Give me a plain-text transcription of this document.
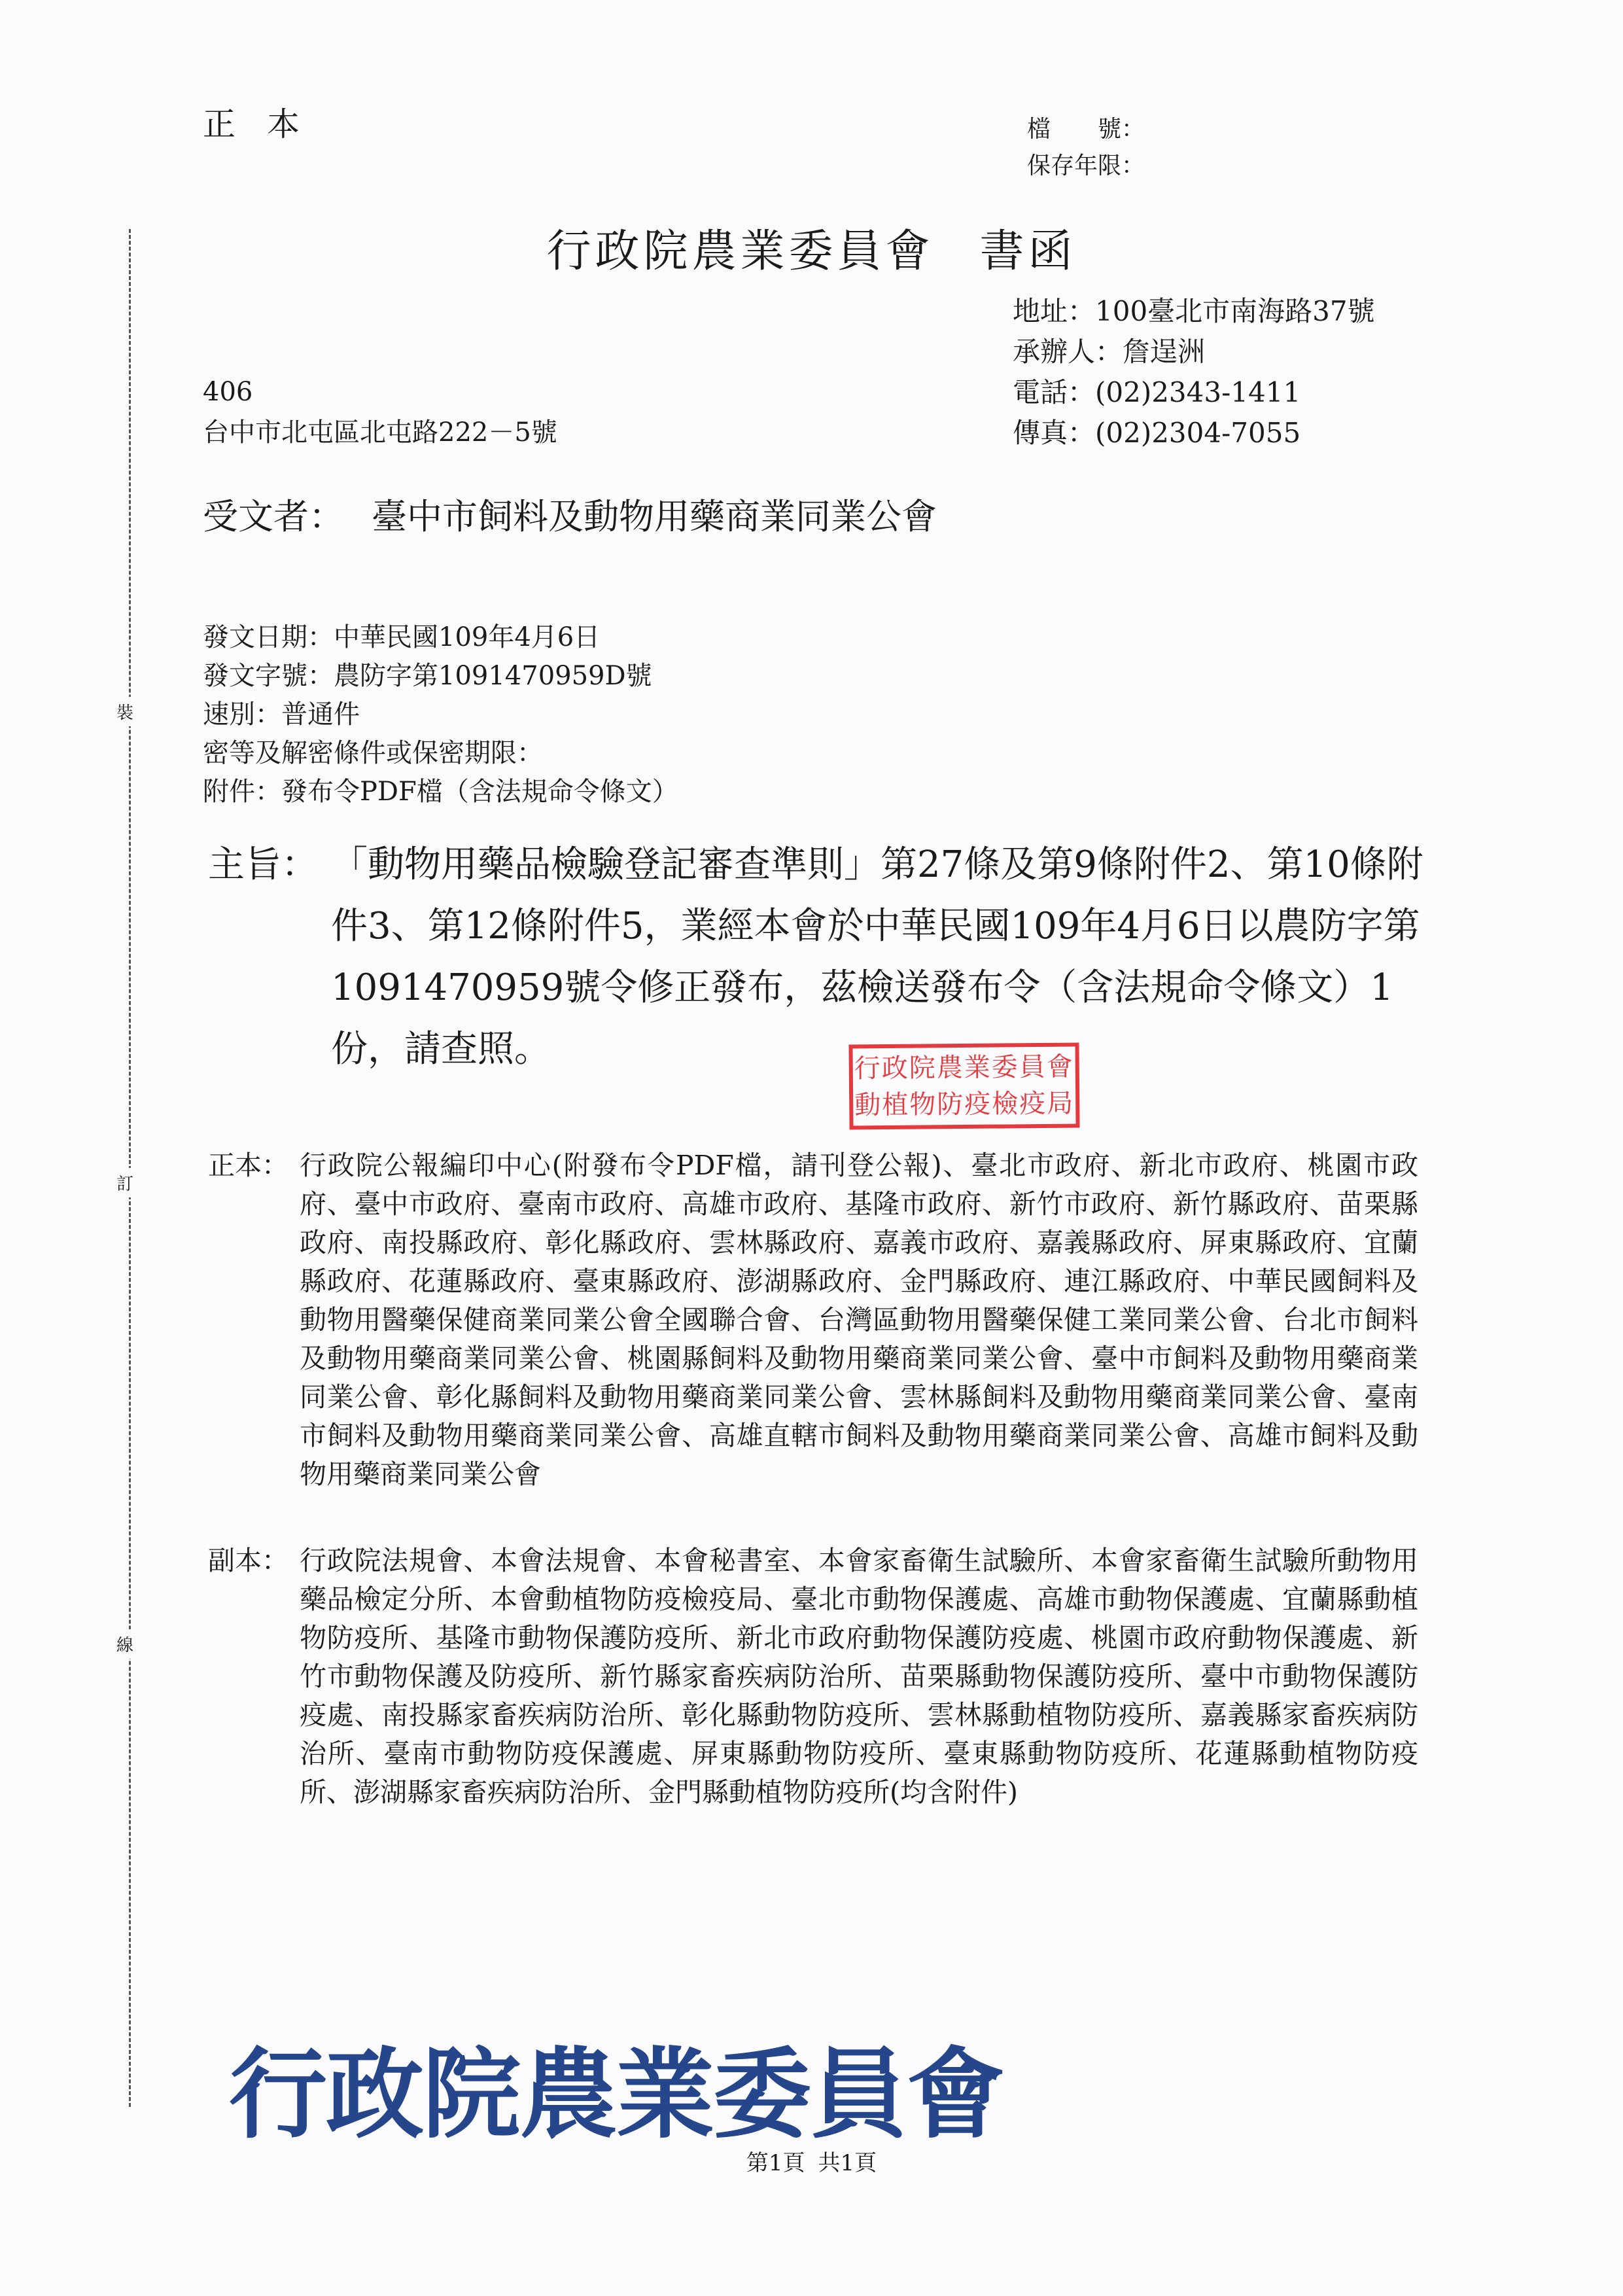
裝
訂
線
正本	檔　　號：
保存年限：
行政院農業委員會 書函
地址：100臺北市南海路37號
承辦人：詹逞洲
電話：(02)2343-1411
傳真：(02)2304-7055
406
台中市北屯區北屯路222－5號
受文者： 臺中市飼料及動物用藥商業同業公會
發文日期：中華民國109年4月6日
發文字號：農防字第1091470959D號
速別：普通件
密等及解密條件或保密期限：
附件：發布令PDF檔（含法規命令條文）
主旨： 「動物用藥品檢驗登記審查準則」第27條及第9條附件2、第10條附件3、第12條附件5，業經本會於中華民國109年4月6日以農防字第1091470959號令修正發布，茲檢送發布令（含法規命令條文）1份，請查照。	行政院農業委員會
動植物防疫檢疫局
正本： 行政院公報編印中心(附發布令PDF檔，請刊登公報)、臺北市政府、新北市政府、桃園市政府、臺中市政府、臺南市政府、高雄市政府、基隆市政府、新竹市政府、新竹縣政府、苗栗縣政府、南投縣政府、彰化縣政府、雲林縣政府、嘉義市政府、嘉義縣政府、屏東縣政府、宜蘭縣政府、花蓮縣政府、臺東縣政府、澎湖縣政府、金門縣政府、連江縣政府、中華民國飼料及動物用醫藥保健商業同業公會全國聯合會、台灣區動物用醫藥保健工業同業公會、台北市飼料及動物用藥商業同業公會、桃園縣飼料及動物用藥商業同業公會、臺中市飼料及動物用藥商業同業公會、彰化縣飼料及動物用藥商業同業公會、雲林縣飼料及動物用藥商業同業公會、臺南市飼料及動物用藥商業同業公會、高雄直轄市飼料及動物用藥商業同業公會、高雄市飼料及動物用藥商業同業公會
副本： 行政院法規會、本會法規會、本會秘書室、本會家畜衛生試驗所、本會家畜衛生試驗所動物用藥品檢定分所、本會動植物防疫檢疫局、臺北市動物保護處、高雄市動物保護處、宜蘭縣動植物防疫所、基隆市動物保護防疫所、新北市政府動物保護防疫處、桃園市政府動物保護處、新竹市動物保護及防疫所、新竹縣家畜疾病防治所、苗栗縣動物保護防疫所、臺中市動物保護防疫處、南投縣家畜疾病防治所、彰化縣動物防疫所、雲林縣動植物防疫所、嘉義縣家畜疾病防治所、臺南市動物防疫保護處、屏東縣動物防疫所、臺東縣動物防疫所、花蓮縣動植物防疫所、澎湖縣家畜疾病防治所、金門縣動植物防疫所(均含附件)
行政院農業委員會
第1頁 共1頁
